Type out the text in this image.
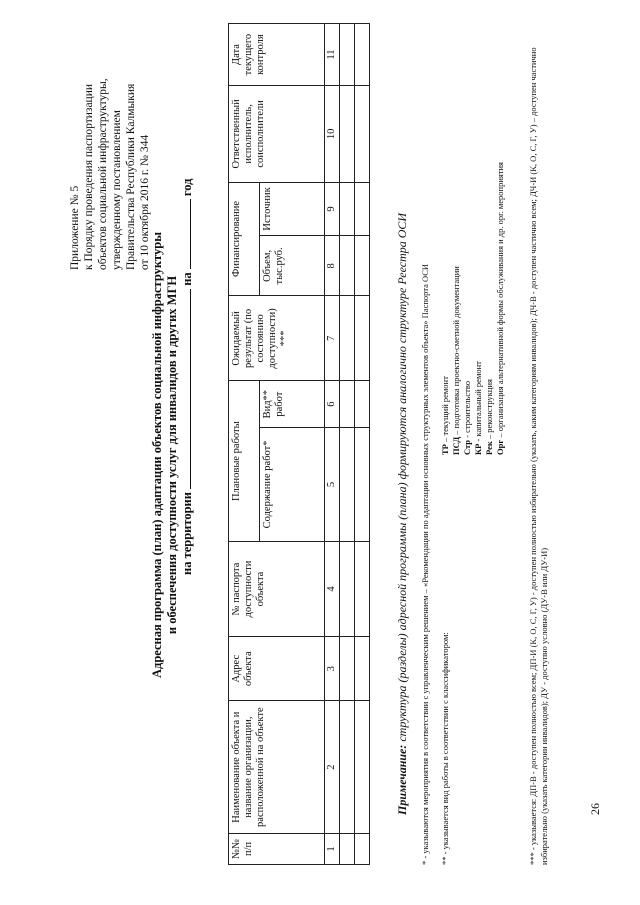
Приложение № 5 к Порядку проведения паспортизации объектов социальной инфраструктуры, утвержденному постановлением Правительства Республики Калмыкия от 10 октября 2016 г. № 344
Адресная программа (план) адаптации объектов социальной инфраструктуры и обеспечения доступности услуг для инвалидов и других МГН на территории  на  год
№№ п/п	Наименование объекта и название организации, расположенной на объекте	Адрес объекта	№ паспорта доступности объекта	Плановые работы		Ожидаемый результат (по состоянию доступности) ***	Финансирование		Ответственный исполнитель, соисполнители	Дата текущего контроля
				Содержание работ*	Вид** работ		Объем, тыс.руб.	Источник		
1	2	3	4	5	6	7	8	9	10	11

Примечание: структура (разделы) адресной программы (плана) формируются аналогично структуре Реестра ОСИ * - указываются мероприятия в соответствии с управленческим решением – «Рекомендации по адаптации основных структурных элементов объекта» Паспорта ОСИ ** - указывается вид работы в соответствии с классификатором:
ТР – текущий ремонт
ПСД – подготовка проектно-сметной документации
Стр - строительство
КР - капитальный ремонт
Рек – реконструкция
Орг – организация альтернативной формы обслуживания и др. орг. мероприятия	*** - указывается: ДП-В - доступен полностью всем; ДП-И (К, О, С, Г, У) - доступен полностью избирательно (указать, каким категориям инвалидов); ДЧ-В - доступен частично всем; ДЧ-И (К, О, С, Г, У) – доступен частично избирательно (указать категории инвалидов); ДУ - доступно условно (ДУ-В или ДУ-И)	26
